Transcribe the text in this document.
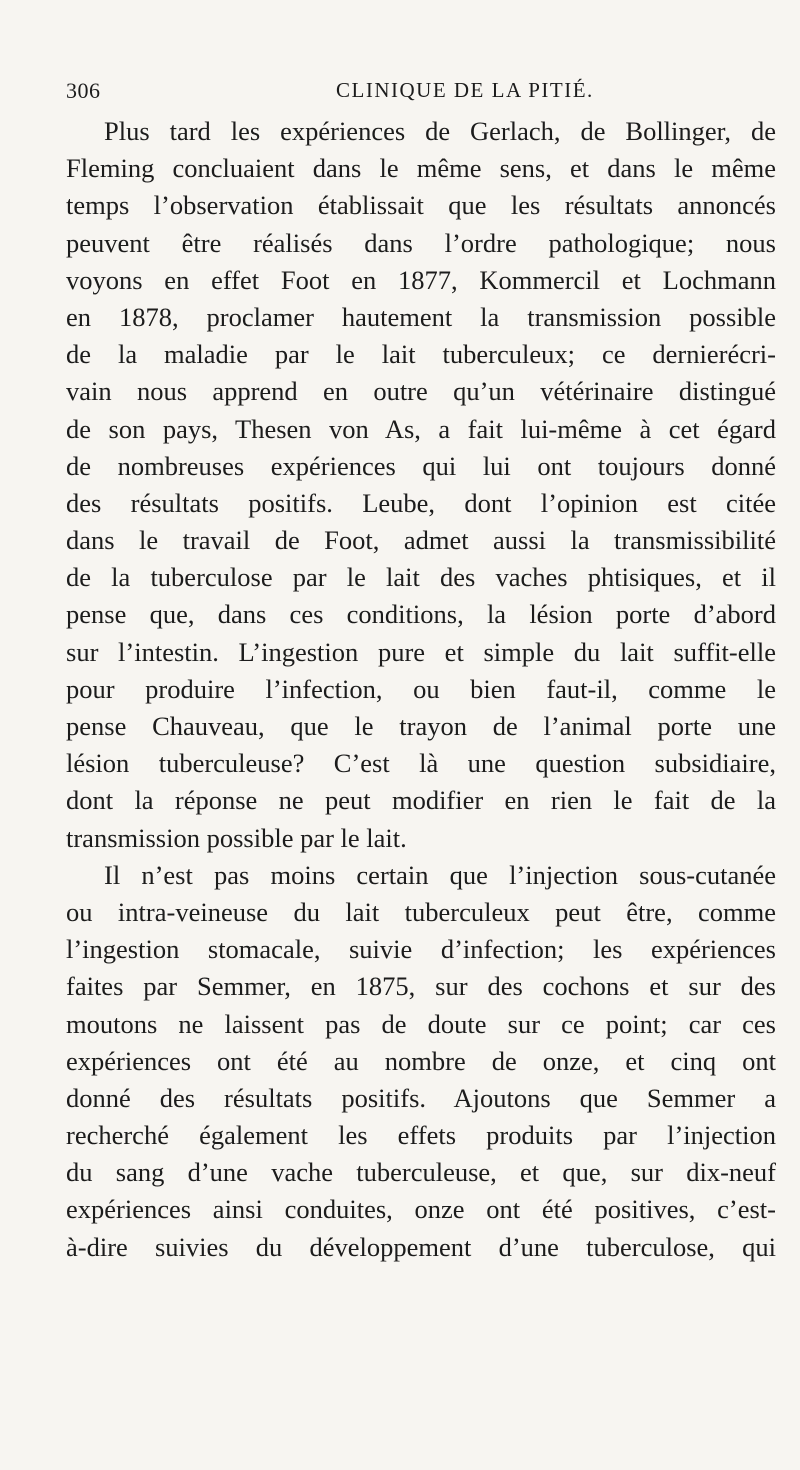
306	CLINIQUE DE LA PITIÉ.
Plus tard les expériences de Gerlach, de Bollinger, de
Fleming concluaient dans le même sens, et dans le même
temps l’observation établissait que les résultats annoncés
peuvent être réalisés dans l’ordre pathologique; nous
voyons en effet Foot en 1877, Kommercil et Lochmann
en 1878, proclamer hautement la transmission possible
de la maladie par le lait tuberculeux; ce dernierécri-
vain nous apprend en outre qu’un vétérinaire distingué
de son pays, Thesen von As, a fait lui-même à cet égard
de nombreuses expériences qui lui ont toujours donné
des résultats positifs. Leube, dont l’opinion est citée
dans le travail de Foot, admet aussi la transmissibilité
de la tuberculose par le lait des vaches phtisiques, et il
pense que, dans ces conditions, la lésion porte d’abord
sur l’intestin. L’ingestion pure et simple du lait suffit-elle
pour produire l’infection, ou bien faut-il, comme le
pense Chauveau, que le trayon de l’animal porte une
lésion tuberculeuse? C’est là une question subsidiaire,
dont la réponse ne peut modifier en rien le fait de la
transmission possible par le lait.
Il n’est pas moins certain que l’injection sous-cutanée
ou intra-veineuse du lait tuberculeux peut être, comme
l’ingestion stomacale, suivie d’infection; les expériences
faites par Semmer, en 1875, sur des cochons et sur des
moutons ne laissent pas de doute sur ce point; car ces
expériences ont été au nombre de onze, et cinq ont
donné des résultats positifs. Ajoutons que Semmer a
recherché également les effets produits par l’injection
du sang d’une vache tuberculeuse, et que, sur dix-neuf
expériences ainsi conduites, onze ont été positives, c’est-
à-dire suivies du développement d’une tuberculose, qui
